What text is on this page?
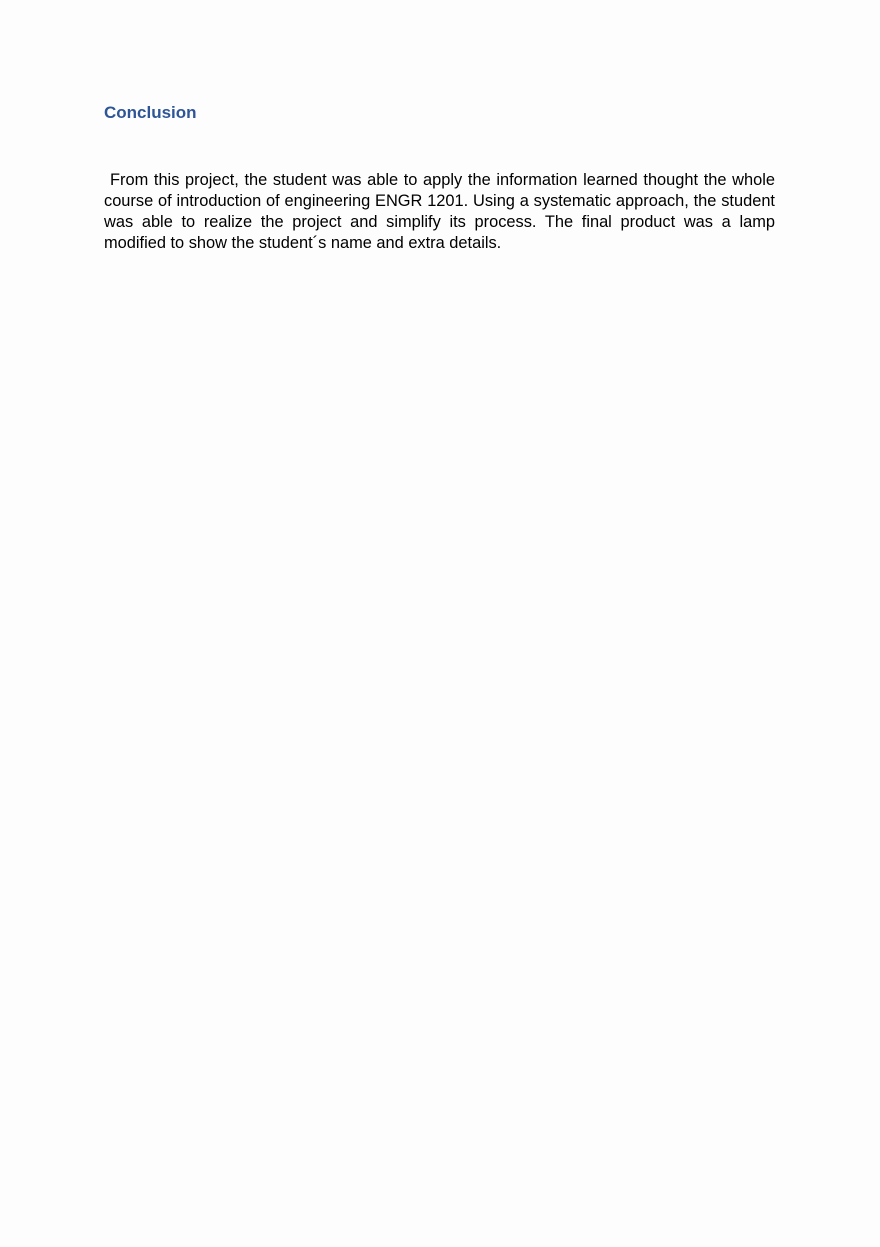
Conclusion

From this project, the student was able to apply the information learned thought the whole course of introduction of engineering ENGR 1201. Using a systematic approach, the student was able to realize the project and simplify its process. The final product was a lamp modified to show the student´s name and extra details.
